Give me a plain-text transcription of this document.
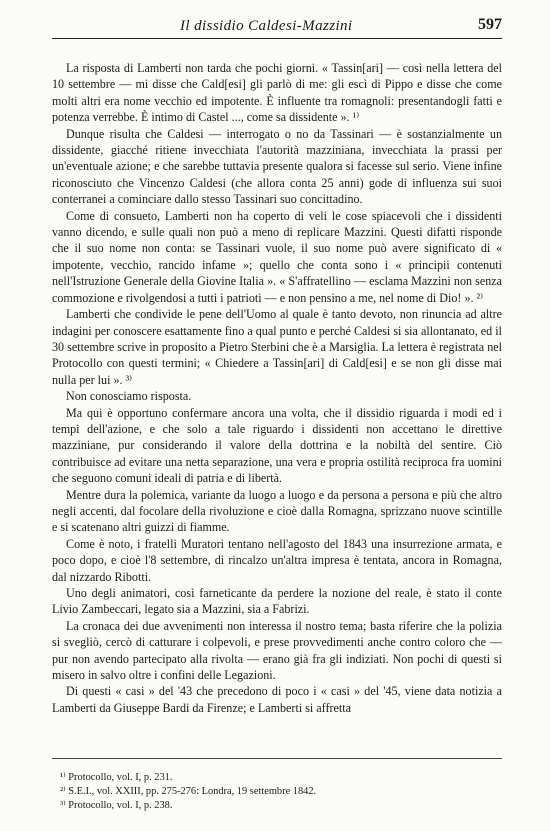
Il dissidio Caldesi-Mazzini	597

La risposta di Lamberti non tarda che pochi giorni. « Tassin[ari] — così nella lettera del 10 settembre — mi disse che Cald[esi] gli parlò di me: gli escì di Pippo e disse che come molti altri era nome vecchio ed impotente. È influente tra romagnoli: presentandogli fatti e potenza verrebbe. È intimo di Castel ..., come sa dissidente ». ¹⁾

Dunque risulta che Caldesi — interrogato o no da Tassinari — è sostanzialmente un dissidente, giacché ritiene invecchiata l'autorità mazziniana, invecchiata la prassi per un'eventuale azione; e che sarebbe tuttavia presente qualora si facesse sul serio. Viene infine riconosciuto che Vincenzo Caldesi (che allora conta 25 anni) gode di influenza sui suoi conterranei a cominciare dallo stesso Tassinari suo concittadino.

Come di consueto, Lamberti non ha coperto di veli le cose spiacevoli che i dissidenti vanno dicendo, e sulle quali non può a meno di replicare Mazzini. Questi difatti risponde che il suo nome non conta: se Tassinari vuole, il suo nome può avere significato di « impotente, vecchio, rancido infame »; quello che conta sono i « principii contenuti nell'Istruzione Generale della Giovine Italia ». « S'affratellino — esclama Mazzini non senza commozione e rivolgendosi a tutti i patrioti — e non pensino a me, nel nome di Dio! ». ²⁾

Lamberti che condivide le pene dell'Uomo al quale è tanto devoto, non rinuncia ad altre indagini per conoscere esattamente fino a qual punto e perché Caldesi si sia allontanato, ed il 30 settembre scrive in proposito a Pietro Sterbini che è a Marsiglia. La lettera è registrata nel Protocollo con questi termini; « Chiedere a Tassin[ari] di Cald[esi] e se non gli disse mai nulla per lui ». ³⁾

Non conosciamo risposta.

Ma qui è opportuno confermare ancora una volta, che il dissidio riguarda i modi ed i tempi dell'azione, e che solo a tale riguardo i dissidenti non accettano le direttive mazziniane, pur considerando il valore della dottrina e la nobiltà del sentire. Ciò contribuisce ad evitare una netta separazione, una vera e propria ostilità reciproca fra uomini che seguono comuni ideali di patria e di libertà.

Mentre dura la polemica, variante da luogo a luogo e da persona a persona e più che altro negli accenti, dal focolare della rivoluzione e cioè dalla Romagna, sprizzano nuove scintille e si scatenano altri guizzi di fiamme.

Come è noto, i fratelli Muratori tentano nell'agosto del 1843 una insurrezione armata, e poco dopo, e cioè l'8 settembre, di rincalzo un'altra impresa è tentata, ancora in Romagna, dal nizzardo Ribotti.

Uno degli animatori, così farneticante da perdere la nozione del reale, è stato il conte Livio Zambeccari, legato sia a Mazzini, sia a Fabrizi.

La cronaca dei due avvenimenti non interessa il nostro tema; basta riferire che la polizia si svegliò, cercò di catturare i colpevoli, e prese provvedimenti anche contro coloro che — pur non avendo partecipato alla rivolta — erano già fra gli indiziati. Non pochi di questi si misero in salvo oltre i confini delle Legazioni.

Di questi « casi » del '43 che precedono di poco i « casi » del '45, viene data notizia a Lamberti da Giuseppe Bardi da Firenze; e Lamberti si affretta

¹⁾ Protocollo, vol. I, p. 231.
²⁾ S.E.I., vol. XXIII, pp. 275-276: Londra, 19 settembre 1842.
³⁾ Protocollo, vol. I, p. 238.
